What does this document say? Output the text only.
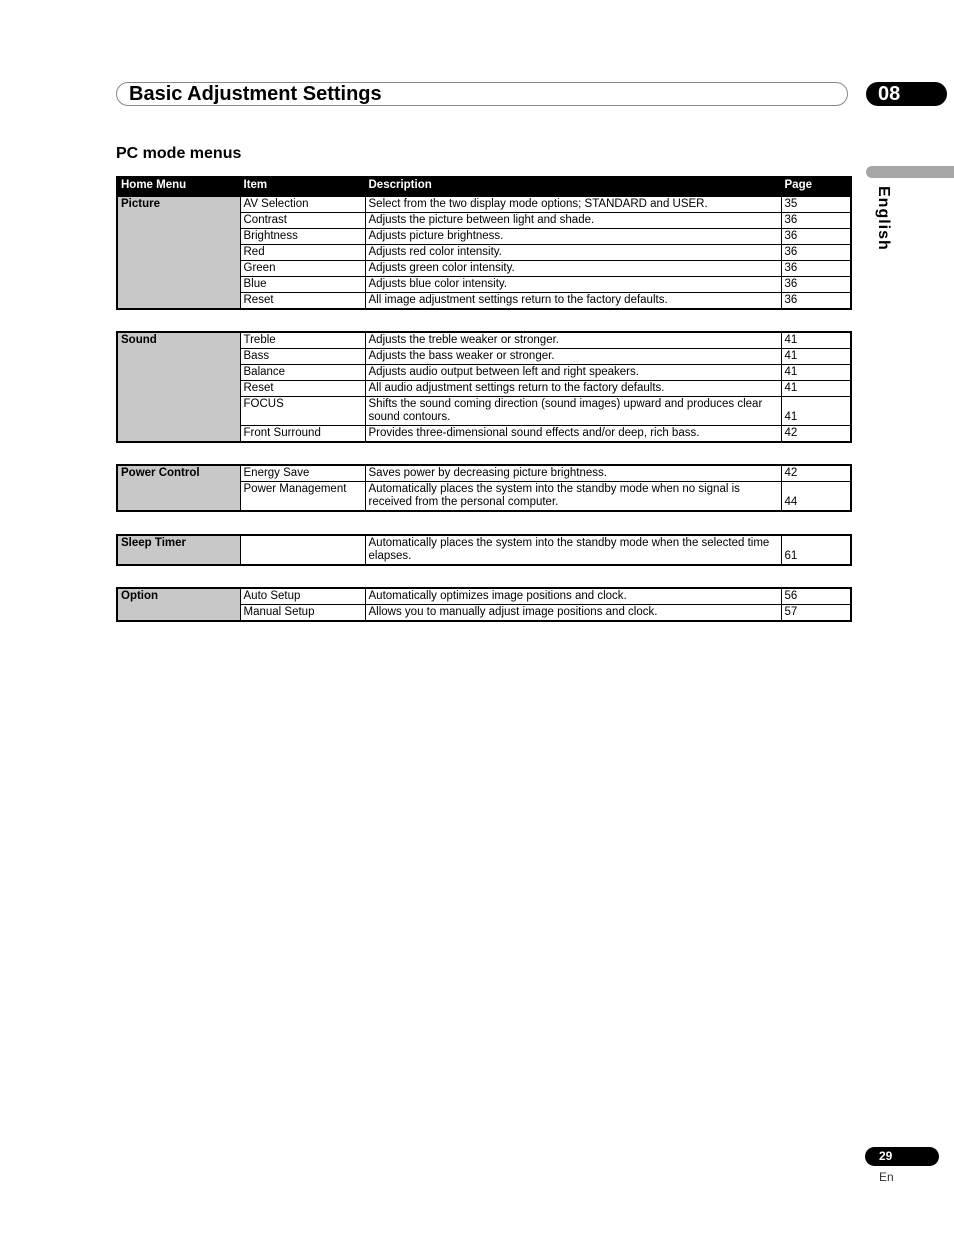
Basic Adjustment Settings	08
English
PC mode menus
Home Menu	Item	Description	Page
Picture	AV Selection	Select from the two display mode options; STANDARD and USER.	35
	Contrast	Adjusts the picture between light and shade.	36
	Brightness	Adjusts picture brightness.	36
	Red	Adjusts red color intensity.	36
	Green	Adjusts green color intensity.	36
	Blue	Adjusts blue color intensity.	36
	Reset	All image adjustment settings return to the factory defaults.	36
Sound	Treble	Adjusts the treble weaker or stronger.	41
	Bass	Adjusts the bass weaker or stronger.	41
	Balance	Adjusts audio output between left and right speakers.	41
	Reset	All audio adjustment settings return to the factory defaults.	41
	FOCUS	Shifts the sound coming direction (sound images) upward and produces clear sound contours.	41
	Front Surround	Provides three-dimensional sound effects and/or deep, rich bass.	42
Power Control	Energy Save	Saves power by decreasing picture brightness.	42
	Power Management	Automatically places the system into the standby mode when no signal is received from the personal computer.	44
Sleep Timer		Automatically places the system into the standby mode when the selected time elapses.	61
Option	Auto Setup	Automatically optimizes image positions and clock.	56
	Manual Setup	Allows you to manually adjust image positions and clock.	57
29
En
